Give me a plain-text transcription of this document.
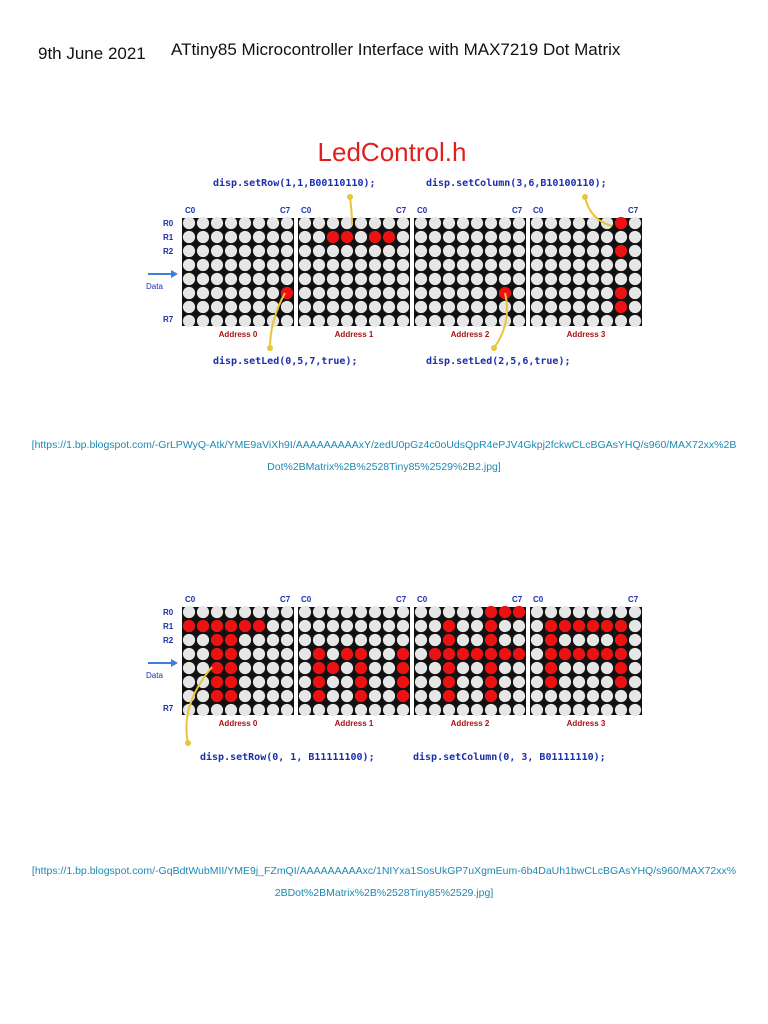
9th June 2021 ATtiny85 Microcontroller Interface with MAX7219 Dot Matrix
LedControl.h
disp.setRow(1,1,B00110110);	disp.setColumn(3,6,B10100110);
disp.setLed(0,5,7,true);	disp.setLed(2,5,6,true);
C0	C7
Address 0
C0	C7
Address 1
C0	C7
Address 2
C0	C7
Address 3
R0
R1
R2
R7
Data
[https://1.bp.blogspot.com/-GrLPWyQ-Atk/YME9aViXh9I/AAAAAAAAAxY/zedU0pGz4c0oUdsQpR4ePJV4Gkpj2fckwCLcBGAsYHQ/s960/MAX72xx%2BDot%2BMatrix%2B%2528Tiny85%2529%2B2.jpg]
C0	C7
Address 0
C0	C7
Address 1
C0	C7
Address 2
C0	C7
Address 3
R0
R1
R2
R7
Data
disp.setRow(0, 1, B11111100);	disp.setColumn(0, 3, B01111110);
[https://1.bp.blogspot.com/-GqBdtWubMII/YME9j_FZmQI/AAAAAAAAAxc/1NIYxa1SosUkGP7uXgmEum-6b4DaUh1bwCLcBGAsYHQ/s960/MAX72xx%2BDot%2BMatrix%2B%2528Tiny85%2529.jpg]
